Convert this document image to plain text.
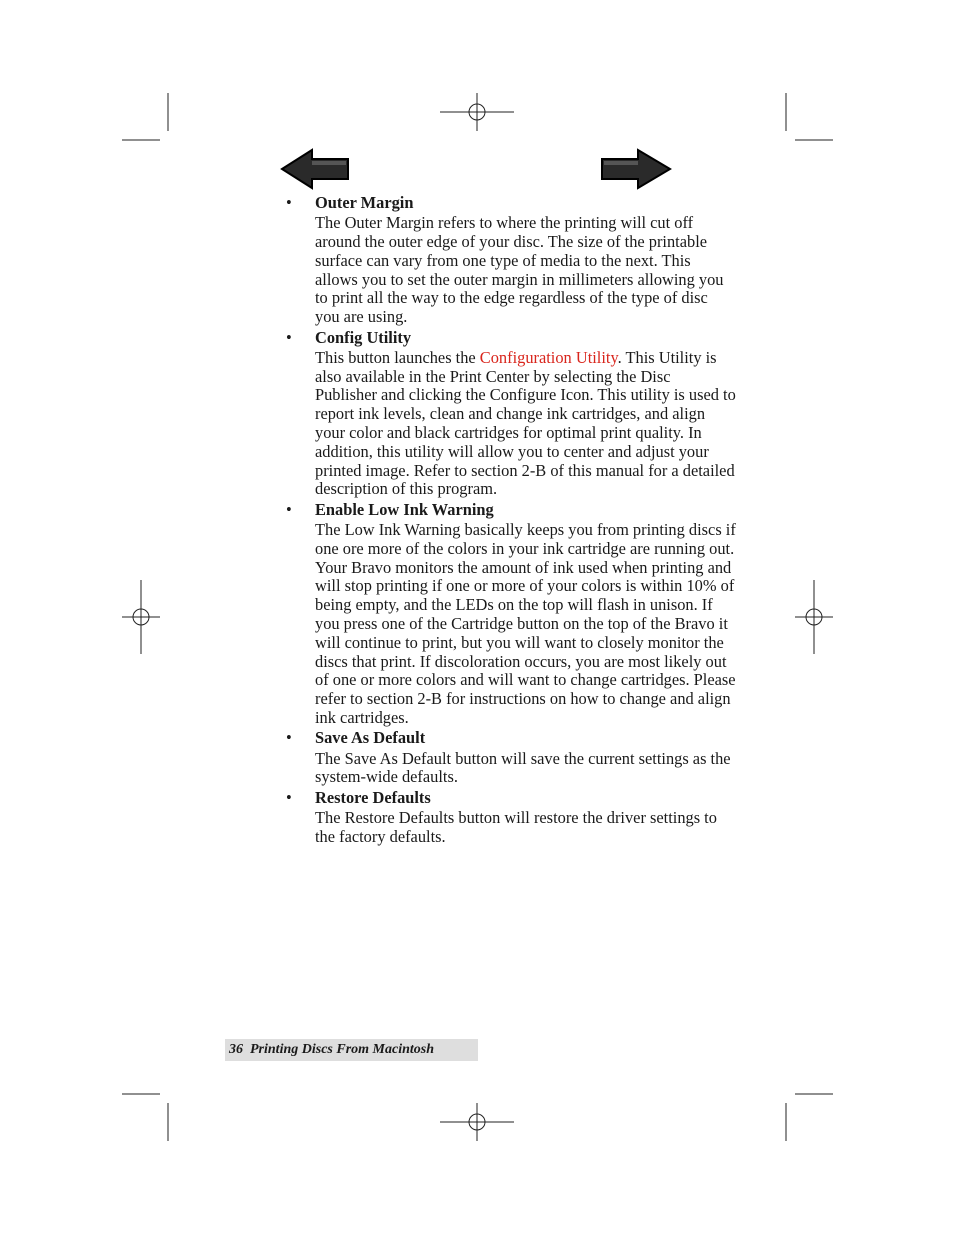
• Outer Margin
The Outer Margin refers to where the printing will cut off around the outer edge of your disc. The size of the printable surface can vary from one type of media to the next. This allows you to set the outer margin in millimeters allowing you to print all the way to the edge regardless of the type of disc you are using.
• Config Utility
This button launches the Configuration Utility. This Utility is also available in the Print Center by selecting the Disc Publisher and clicking the Configure Icon. This utility is used to report ink levels, clean and change ink cartridges, and align your color and black cartridges for optimal print quality. In addition, this utility will allow you to center and adjust your printed image. Refer to section 2-B of this manual for a detailed description of this program.
• Enable Low Ink Warning
The Low Ink Warning basically keeps you from printing discs if one ore more of the colors in your ink cartridge are running out. Your Bravo monitors the amount of ink used when printing and will stop printing if one or more of your colors is within 10% of being empty, and the LEDs on the top will flash in unison. If you press one of the Cartridge button on the top of the Bravo it will continue to print, but you will want to closely monitor the discs that print. If discoloration occurs, you are most likely out of one or more colors and will want to change cartridges. Please refer to section 2-B for instructions on how to change and align ink cartridges.
• Save As Default
The Save As Default button will save the current settings as the system-wide defaults.
• Restore Defaults
The Restore Defaults button will restore the driver settings to the factory defaults.
36 Printing Discs From Macintosh
